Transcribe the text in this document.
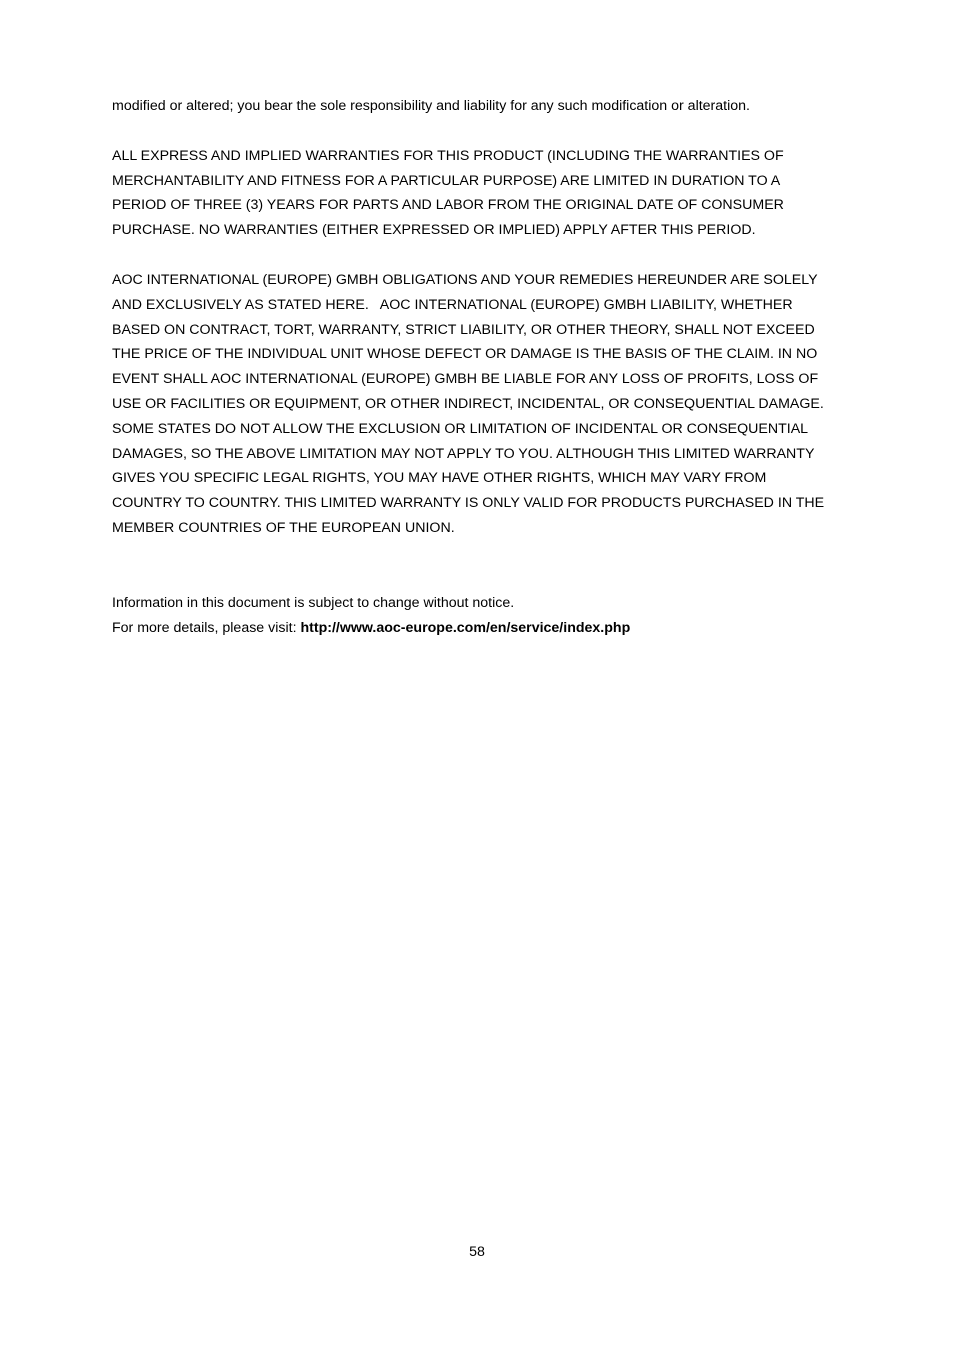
modified or altered; you bear the sole responsibility and liability for any such modification or alteration.

ALL EXPRESS AND IMPLIED WARRANTIES FOR THIS PRODUCT (INCLUDING THE WARRANTIES OF
MERCHANTABILITY AND FITNESS FOR A PARTICULAR PURPOSE) ARE LIMITED IN DURATION TO A
PERIOD OF THREE (3) YEARS FOR PARTS AND LABOR FROM THE ORIGINAL DATE OF CONSUMER
PURCHASE. NO WARRANTIES (EITHER EXPRESSED OR IMPLIED) APPLY AFTER THIS PERIOD.

AOC INTERNATIONAL (EUROPE) GMBH OBLIGATIONS AND YOUR REMEDIES HEREUNDER ARE SOLELY
AND EXCLUSIVELY AS STATED HERE.   AOC INTERNATIONAL (EUROPE) GMBH LIABILITY, WHETHER
BASED ON CONTRACT, TORT, WARRANTY, STRICT LIABILITY, OR OTHER THEORY, SHALL NOT EXCEED
THE PRICE OF THE INDIVIDUAL UNIT WHOSE DEFECT OR DAMAGE IS THE BASIS OF THE CLAIM. IN NO
EVENT SHALL AOC INTERNATIONAL (EUROPE) GMBH BE LIABLE FOR ANY LOSS OF PROFITS, LOSS OF
USE OR FACILITIES OR EQUIPMENT, OR OTHER INDIRECT, INCIDENTAL, OR CONSEQUENTIAL DAMAGE.
SOME STATES DO NOT ALLOW THE EXCLUSION OR LIMITATION OF INCIDENTAL OR CONSEQUENTIAL
DAMAGES, SO THE ABOVE LIMITATION MAY NOT APPLY TO YOU. ALTHOUGH THIS LIMITED WARRANTY
GIVES YOU SPECIFIC LEGAL RIGHTS, YOU MAY HAVE OTHER RIGHTS, WHICH MAY VARY FROM
COUNTRY TO COUNTRY. THIS LIMITED WARRANTY IS ONLY VALID FOR PRODUCTS PURCHASED IN THE
MEMBER COUNTRIES OF THE EUROPEAN UNION.

Information in this document is subject to change without notice.
For more details, please visit: http://www.aoc-europe.com/en/service/index.php

58
